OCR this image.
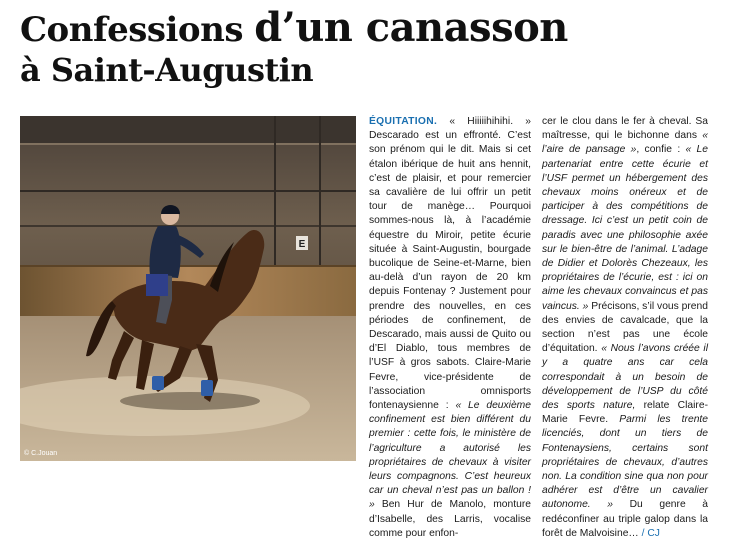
Confessions d’un canasson
à Saint-Augustin
E
© C.Jouan

ÉQUITATION. « Hiiiiihihihi. » Descarado est un effronté. C’est son prénom qui le dit. Mais si cet étalon ibérique de huit ans hennit, c’est de plaisir, et pour remercier sa cavalière de lui offrir un petit tour de manège… Pourquoi sommes-nous là, à l’académie équestre du Miroir, petite écurie située à Saint-Augustin, bourgade bucolique de Seine-et-Marne, bien au-delà d’un rayon de 20 km depuis Fontenay ? Justement pour prendre des nouvelles, en ces périodes de confinement, de Descarado, mais aussi de Quito ou d’El Diablo, tous membres de l’USF à gros sabots. Claire-Marie Fevre, vice-présidente de l’association omnisports fontenaysienne : « Le deuxième confinement est bien différent du premier : cette fois, le ministère de l’agriculture a autorisé les propriétaires de chevaux à visiter leurs compagnons. C’est heureux car un cheval n’est pas un ballon ! » Ben Hur de Manolo, monture d’Isabelle, des Larris, vocalise comme pour enfon-

cer le clou dans le fer à cheval. Sa maîtresse, qui le bichonne dans « l’aire de pansage », confie : « Le partenariat entre cette écurie et l’USF permet un hébergement des chevaux moins onéreux et de participer à des compétitions de dressage. Ici c’est un petit coin de paradis avec une philosophie axée sur le bien-être de l’animal. L’adage de Didier et Dolorès Chezeaux, les propriétaires de l’écurie, est : ici on aime les chevaux convaincus et pas vaincus. » Précisons, s’il vous prend des envies de cavalcade, que la section n’est pas une école d’équitation. « Nous l’avons créée il y a quatre ans car cela correspondait à un besoin de développement de l’USP du côté des sports nature, relate Claire-Marie Fevre. Parmi les trente licenciés, dont un tiers de Fontenaysiens, certains sont propriétaires de chevaux, d’autres non. La condition sine qua non pour adhérer est d’être un cavalier autonome. » Du genre à redéconfiner au triple galop dans la forêt de Malvoisine… / CJ
